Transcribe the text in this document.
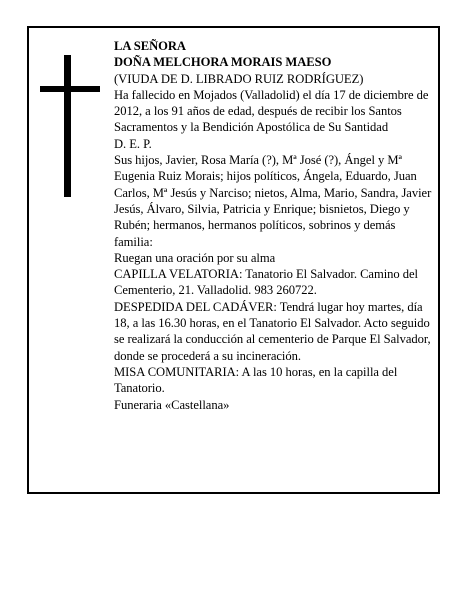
LA SEÑORA

DOÑA MELCHORA MORAIS MAESO

(VIUDA DE D. LIBRADO RUIZ RODRÍGUEZ)

Ha fallecido en Mojados (Valladolid) el día 17 de diciembre de 2012, a los 91 años de edad, después de recibir los Santos Sacramentos y la Bendición Apostólica de Su Santidad

D. E. P.

Sus hijos, Javier, Rosa María (?), Mª José (?), Ángel y Mª Eugenia Ruiz Morais; hijos políticos, Ángela, Eduardo, Juan Carlos, Mª Jesús y Narciso; nietos, Alma, Mario, Sandra, Javier Jesús, Álvaro, Silvia, Patricia y Enrique; bisnietos, Diego y Rubén; hermanos, hermanos políticos, sobrinos y demás familia:

Ruegan una oración por su alma

CAPILLA VELATORIA: Tanatorio El Salvador. Camino del Cementerio, 21. Valladolid. 983 260722.

DESPEDIDA DEL CADÁVER: Tendrá lugar hoy martes, día 18, a las 16.30 horas, en el Tanatorio El Salvador. Acto seguido se realizará la conducción al cementerio de Parque El Salvador, donde se procederá a su incineración.

MISA COMUNITARIA: A las 10 horas, en la capilla del Tanatorio.

Funeraria «Castellana»
